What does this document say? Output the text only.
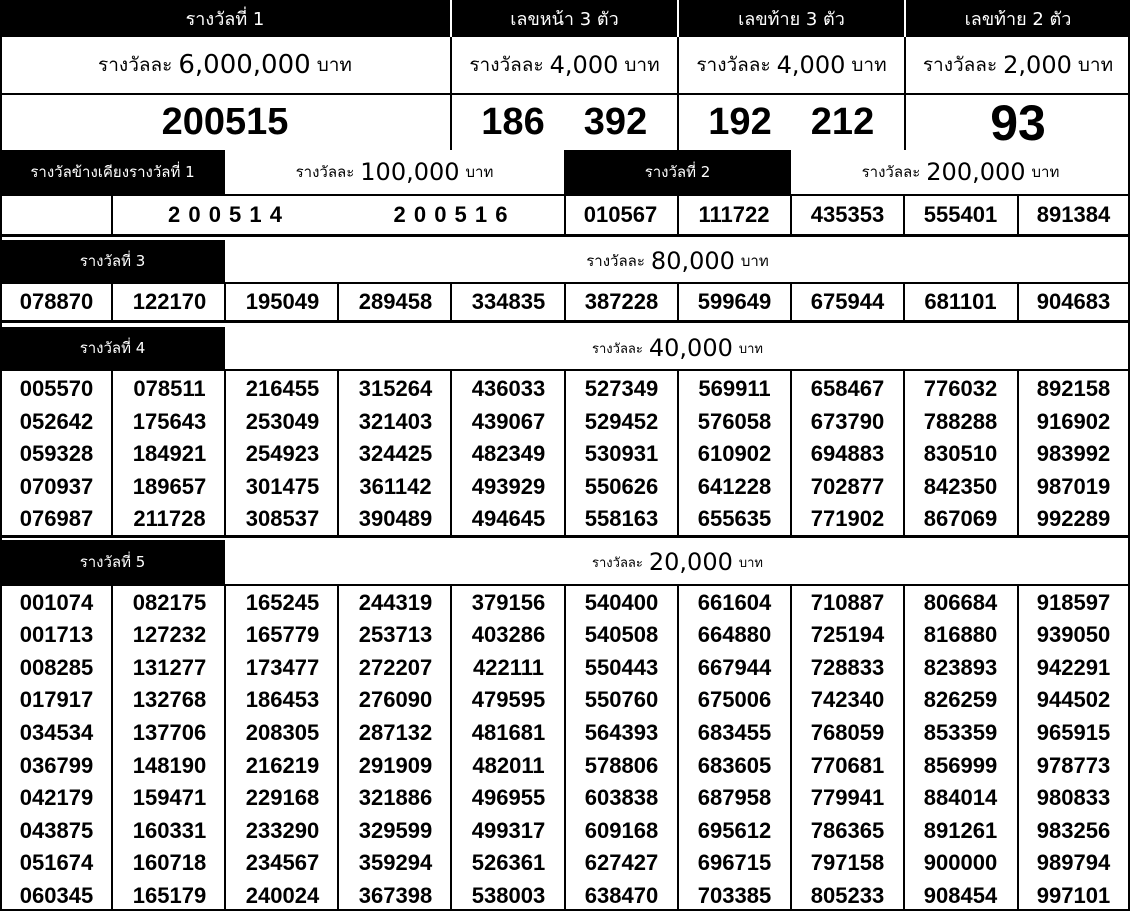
รางวัลที่ 1	เลขหน้า 3 ตัว	เลขท้าย 3 ตัว	เลขท้าย 2 ตัว
รางวัลละ 6,000,000 บาท	รางวัลละ 4,000 บาท รางวัลละ 4,000 บาท รางวัลละ 2,000 บาท
200515	186	392	192	212	93
รางวัลข้างเคียงรางวัลที่ 1	รางวัลละ 100,000 บาท	รางวัลที่ 2	รางวัลละ 200,000 บาท
2 0 0 5 1 4	2 0 0 5 1 6	010567	111722	435353	555401	891384
รางวัลที่ 3	รางวัลละ 80,000 บาท
078870	122170	195049	289458	334835	387228	599649	675944	681101	904683
รางวัลที่ 4	รางวัลละ 40,000 บาท
005570	078511	216455	315264	436033	527349	569911	658467	776032	892158
052642	175643	253049	321403	439067	529452	576058	673790	788288	916902
059328	184921	254923	324425	482349	530931	610902	694883	830510	983992
070937	189657	301475	361142	493929	550626	641228	702877	842350	987019
076987	211728	308537	390489	494645	558163	655635	771902	867069	992289
รางวัลที่ 5	รางวัลละ 20,000 บาท
001074	082175	165245	244319	379156	540400	661604	710887	806684	918597
001713	127232	165779	253713	403286	540508	664880	725194	816880	939050
008285	131277	173477	272207	422111	550443	667944	728833	823893	942291
017917	132768	186453	276090	479595	550760	675006	742340	826259	944502
034534	137706	208305	287132	481681	564393	683455	768059	853359	965915
036799	148190	216219	291909	482011	578806	683605	770681	856999	978773
042179	159471	229168	321886	496955	603838	687958	779941	884014	980833
043875	160331	233290	329599	499317	609168	695612	786365	891261	983256
051674	160718	234567	359294	526361	627427	696715	797158	900000	989794
060345	165179	240024	367398	538003	638470	703385	805233	908454	997101
